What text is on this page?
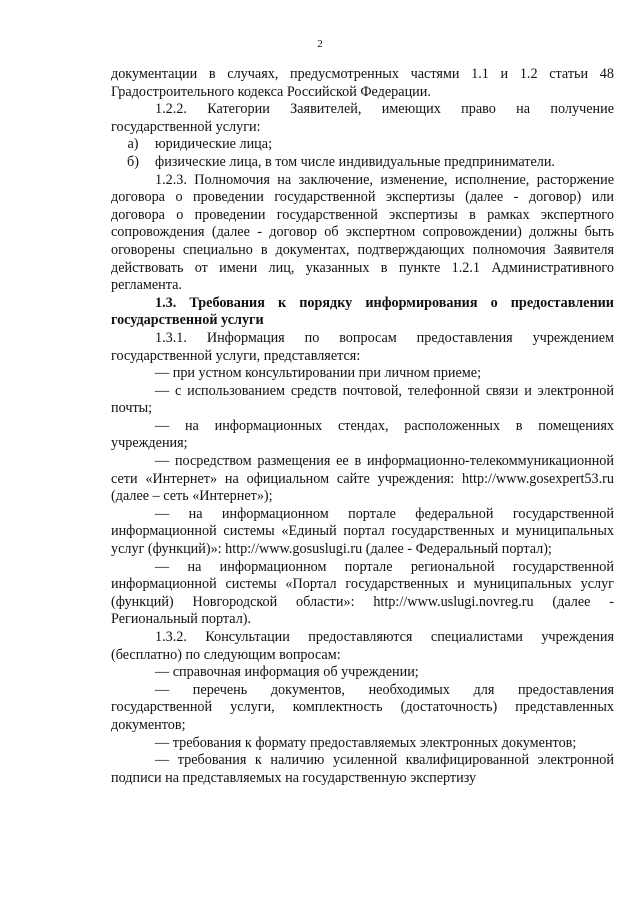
2

документации в случаях, предусмотренных частями 1.1 и 1.2 статьи 48 Градостроительного кодекса Российской Федерации.

1.2.2. Категории Заявителей, имеющих право на получение государственной услуги:

а)	юридические лица;
б)	физические лица, в том числе индивидуальные предприниматели.

1.2.3. Полномочия на заключение, изменение, исполнение, расторжение договора о проведении государственной экспертизы (далее - договор) или договора о проведении государственной экспертизы в рамках экспертного сопровождения (далее - договор об экспертном сопровождении) должны быть оговорены специально в документах, подтверждающих полномочия Заявителя действовать от имени лиц, указанных в пункте 1.2.1 Административного регламента.

1.3. Требования к порядку информирования о предоставлении государственной услуги

1.3.1. Информация по вопросам предоставления учреждением государственной услуги, представляется:

— при устном консультировании при личном приеме;

— с использованием средств почтовой, телефонной связи и электронной почты;

— на информационных стендах, расположенных в помещениях учреждения;

— посредством размещения ее в информационно-телекоммуникационной сети «Интернет» на официальном сайте учреждения: http://www.gosexpert53.ru (далее – сеть «Интернет»);

— на информационном портале федеральной государственной информационной системы «Единый портал государственных и муниципальных услуг (функций)»: http://www.gosuslugi.ru (далее - Федеральный портал);

— на информационном портале региональной государственной информационной системы «Портал государственных и муниципальных услуг (функций) Новгородской области»: http://www.uslugi.novreg.ru (далее - Региональный портал).

1.3.2. Консультации предоставляются специалистами учреждения (бесплатно) по следующим вопросам:

— справочная информация об учреждении;

— перечень документов, необходимых для предоставления государственной услуги, комплектность (достаточность) представленных документов;

— требования к формату предоставляемых электронных документов;

— требования к наличию усиленной квалифицированной электронной подписи на представляемых на государственную экспертизу
